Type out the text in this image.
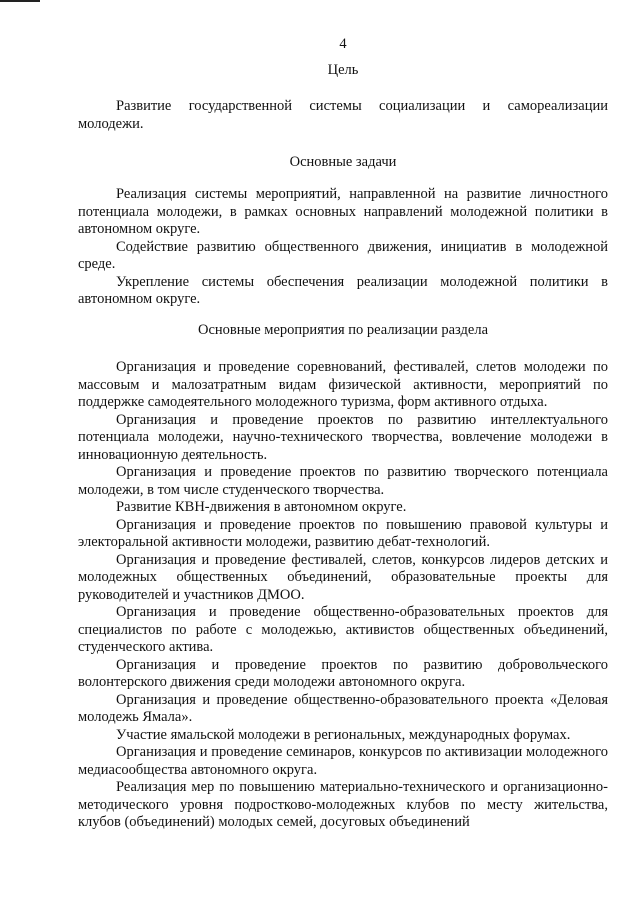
4
Цель
Развитие государственной системы социализации и самореализации молодежи.
Основные задачи
Реализация системы мероприятий, направленной на развитие личностного потенциала молодежи, в рамках основных направлений молодежной политики в автономном округе.
Содействие развитию общественного движения, инициатив в молодежной среде.
Укрепление системы обеспечения реализации молодежной политики в автономном округе.
Основные мероприятия по реализации раздела
Организация и проведение соревнований, фестивалей, слетов молодежи по массовым и малозатратным видам физической активности, мероприятий по поддержке самодеятельного молодежного туризма, форм активного отдыха.
Организация и проведение проектов по развитию интеллектуального потенциала молодежи, научно-технического творчества, вовлечение молодежи в инновационную деятельность.
Организация и проведение проектов по развитию творческого потенциала молодежи, в том числе студенческого творчества.
Развитие КВН-движения в автономном округе.
Организация и проведение проектов по повышению правовой культуры и электоральной активности молодежи, развитию дебат-технологий.
Организация и проведение фестивалей, слетов, конкурсов лидеров детских и молодежных общественных объединений, образовательные проекты для руководителей и участников ДМОО.
Организация и проведение общественно-образовательных проектов для специалистов по работе с молодежью, активистов общественных объединений, студенческого актива.
Организация и проведение проектов по развитию добровольческого волонтерского движения среди молодежи автономного округа.
Организация и проведение общественно-образовательного проекта «Деловая молодежь Ямала».
Участие ямальской молодежи в региональных, международных форумах.
Организация и проведение семинаров, конкурсов по активизации молодежного медиасообщества автономного округа.
Реализация мер по повышению материально-технического и организационно-методического уровня подростково-молодежных клубов по месту жительства, клубов (объединений) молодых семей, досуговых объединений
